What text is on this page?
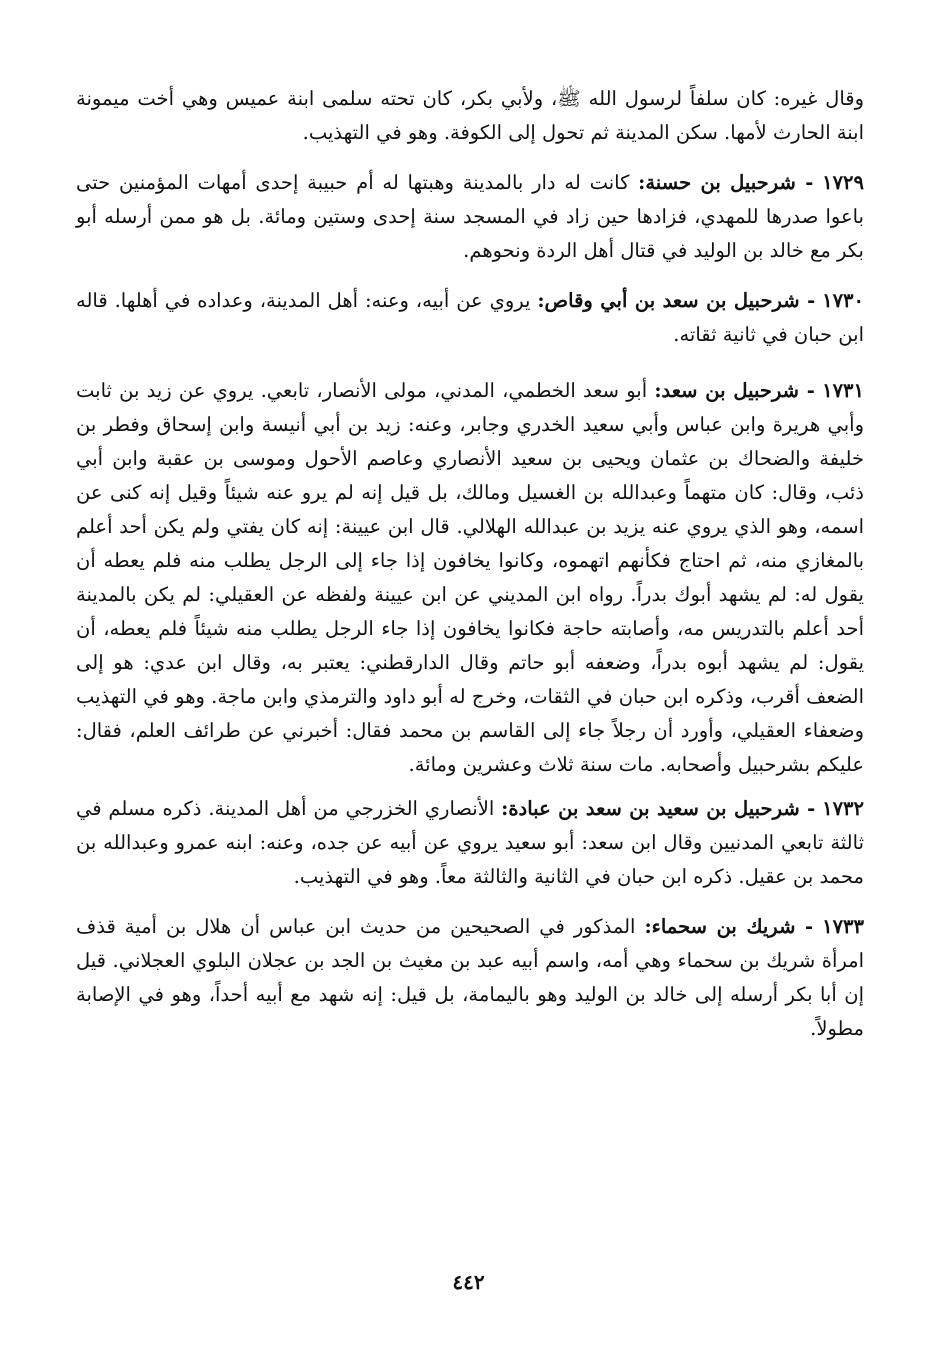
وقال غيره: كان سلفاً لرسول الله ﷺ، ولأبي بكر، كان تحته سلمى ابنة عميس وهي أخت ميمونة ابنة الحارث لأمها. سكن المدينة ثم تحول إلى الكوفة. وهو في التهذيب.

١٧٢٩ - شرحبيل بن حسنة: كانت له دار بالمدينة وهبتها له أم حبيبة إحدى أمهات المؤمنين حتى باعوا صدرها للمهدي، فزادها حين زاد في المسجد سنة إحدى وستين ومائة. بل هو ممن أرسله أبو بكر مع خالد بن الوليد في قتال أهل الردة ونحوهم.

١٧٣٠ - شرحبيل بن سعد بن أبي وقاص: يروي عن أبيه، وعنه: أهل المدينة، وعداده في أهلها. قاله ابن حبان في ثانية ثقاته.

١٧٣١ - شرحبيل بن سعد: أبو سعد الخطمي، المدني، مولى الأنصار، تابعي. يروي عن زيد بن ثابت وأبي هريرة وابن عباس وأبي سعيد الخدري وجابر، وعنه: زيد بن أبي أنيسة وابن إسحاق وفطر بن خليفة والضحاك بن عثمان ويحيى بن سعيد الأنصاري وعاصم الأحول وموسى بن عقبة وابن أبي ذئب، وقال: كان متهماً وعبدالله بن الغسيل ومالك، بل قيل إنه لم يرو عنه شيئاً وقيل إنه كنى عن اسمه، وهو الذي يروي عنه يزيد بن عبدالله الهلالي. قال ابن عيينة: إنه كان يفتي ولم يكن أحد أعلم بالمغازي منه، ثم احتاج فكأنهم اتهموه، وكانوا يخافون إذا جاء إلى الرجل يطلب منه فلم يعطه أن يقول له: لم يشهد أبوك بدراً. رواه ابن المديني عن ابن عيينة ولفظه عن العقيلي: لم يكن بالمدينة أحد أعلم بالتدريس مه، وأصابته حاجة فكانوا يخافون إذا جاء الرجل يطلب منه شيئاً فلم يعطه، أن يقول: لم يشهد أبوه بدراً، وضعفه أبو حاتم وقال الدارقطني: يعتبر به، وقال ابن عدي: هو إلى الضعف أقرب، وذكره ابن حبان في الثقات، وخرج له أبو داود والترمذي وابن ماجة. وهو في التهذيب وضعفاء العقيلي، وأورد أن رجلاً جاء إلى القاسم بن محمد فقال: أخبرني عن طرائف العلم، فقال: عليكم بشرحبيل وأصحابه. مات سنة ثلاث وعشرين ومائة.

١٧٣٢ - شرحبيل بن سعيد بن سعد بن عبادة: الأنصاري الخزرجي من أهل المدينة. ذكره مسلم في ثالثة تابعي المدنيين وقال ابن سعد: أبو سعيد يروي عن أبيه عن جده، وعنه: ابنه عمرو وعبدالله بن محمد بن عقيل. ذكره ابن حبان في الثانية والثالثة معاً. وهو في التهذيب.

١٧٣٣ - شريك بن سحماء: المذكور في الصحيحين من حديث ابن عباس أن هلال بن أمية قذف امرأة شريك بن سحماء وهي أمه، واسم أبيه عبد بن مغيث بن الجد بن عجلان البلوي العجلاني. قيل إن أبا بكر أرسله إلى خالد بن الوليد وهو باليمامة، بل قيل: إنه شهد مع أبيه أحداً، وهو في الإصابة مطولاً.

٤٤٢
